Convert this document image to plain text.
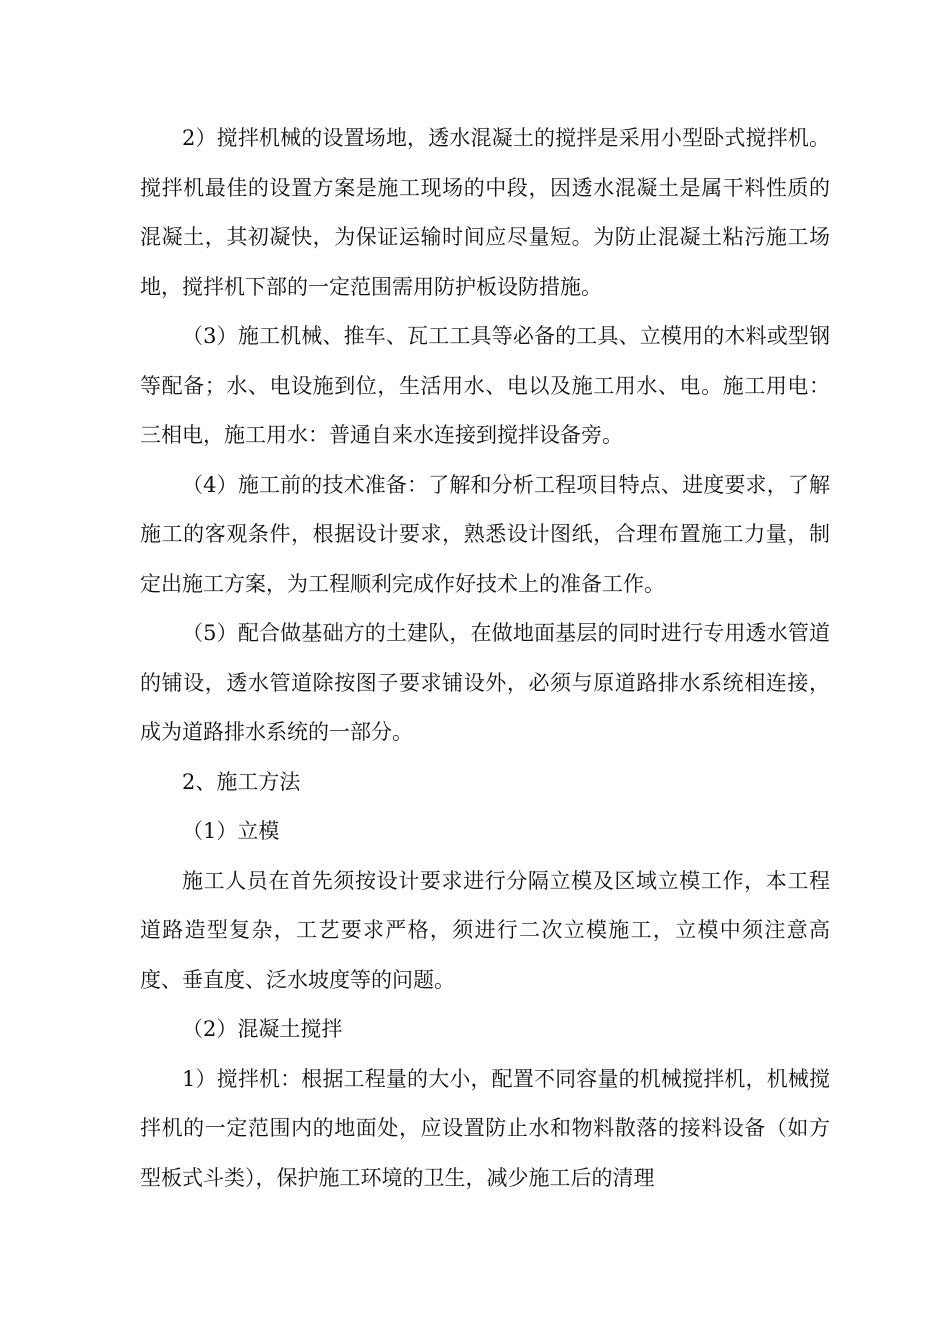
2）搅拌机械的设置场地，透水混凝土的搅拌是采用小型卧式搅拌机。搅拌机最佳的设置方案是施工现场的中段，因透水混凝土是属干料性质的混凝土，其初凝快，为保证运输时间应尽量短。为防止混凝土粘污施工场地，搅拌机下部的一定范围需用防护板设防措施。

（3）施工机械、推车、瓦工工具等必备的工具、立模用的木料或型钢等配备；水、电设施到位，生活用水、电以及施工用水、电。施工用电：三相电，施工用水：普通自来水连接到搅拌设备旁。

（4）施工前的技术准备：了解和分析工程项目特点、进度要求，了解施工的客观条件，根据设计要求，熟悉设计图纸，合理布置施工力量，制定出施工方案，为工程顺利完成作好技术上的准备工作。

（5）配合做基础方的土建队，在做地面基层的同时进行专用透水管道的铺设，透水管道除按图子要求铺设外，必须与原道路排水系统相连接，成为道路排水系统的一部分。

2、施工方法

（1）立模

施工人员在首先须按设计要求进行分隔立模及区域立模工作，本工程道路造型复杂，工艺要求严格，须进行二次立模施工，立模中须注意高度、垂直度、泛水坡度等的问题。

（2）混凝土搅拌

1）搅拌机：根据工程量的大小，配置不同容量的机械搅拌机，机械搅拌机的一定范围内的地面处，应设置防止水和物料散落的接料设备（如方型板式斗类），保护施工环境的卫生，减少施工后的清理
